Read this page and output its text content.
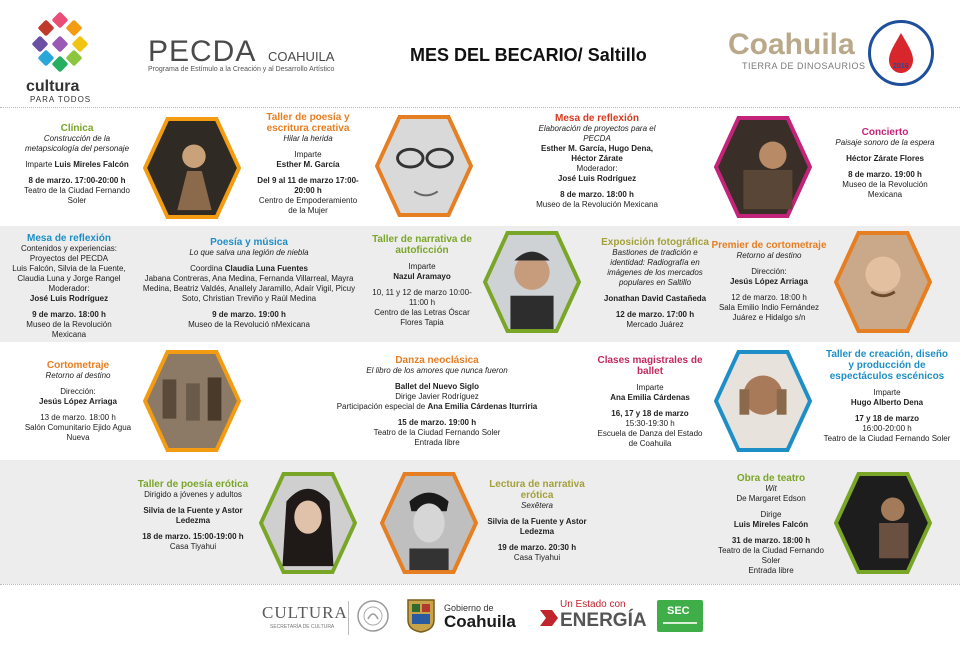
cultura
PARA TODOS
PECDA COAHUILA
Programa de Estímulo a la Creación y al Desarrollo Artístico
MES DEL BECARIO/ Saltillo	Coahuila
TIERRA DE DINOSAURIOS	2016
Clínica
Construcción de la metapsicología del personaje
Imparte Luis Mireles Falcón
8 de marzo. 17:00-20:00 h
Teatro de la Ciudad Fernando Soler
Taller de poesía y escritura creativa
Hilar la herida
Imparte
Esther M. García
Del 9 al 11 de marzo 17:00-20:00 h
Centro de Empoderamiento de la Mujer
Mesa de reflexión
Elaboración de proyectos para el PECDA
Esther M. García, Hugo Dena, Héctor Zárate
Moderador:
José Luis Rodríguez
8 de marzo. 18:00 h
Museo de la Revolución Mexicana
Concierto
Paisaje sonoro de la espera
Héctor Zárate Flores
8 de marzo. 19:00 h
Museo de la Revolución Mexicana
Mesa de reflexión
Contenidos y experiencias: Proyectos del PECDA
Luis Falcón, Silvia de la Fuente, Claudia Luna y Jorge Rangel
Moderador:
José Luis Rodríguez
9 de marzo. 18:00 h
Museo de la Revolución Mexicana
Poesía y música
Lo que salva una legión de niebla
Coordina Claudia Luna Fuentes
Jabana Contreras, Ana Medina, Fernanda Villarreal, Mayra Medina, Beatriz Valdés, Anallely Jaramillo, Adaír Vigil, Picuy Soto, Christian Treviño y Raúl Medina
9 de marzo. 19:00 h
Museo de la Revolució nMexicana
Taller de narrativa de autoficción
Imparte
Nazul Aramayo
10, 11 y 12 de marzo 10:00-11:00 h
Centro de las Letras Óscar Flores Tapia
Exposición fotográfica
Bastiones de tradición e identidad: Radiografía en imágenes de los mercados populares en Saltillo
Jonathan David Castañeda
12 de marzo. 17:00 h
Mercado Juárez
Premier de cortometraje
Retorno al destino
Dirección:
Jesús López Arriaga
12 de marzo. 18:00 h
Sala Emilio Indio Fernández Juárez e Hidalgo s/n
Cortometraje
Retorno al destino
Dirección:
Jesús López Arriaga
13 de marzo. 18:00 h
Salón Comunitario Ejido Agua Nueva
Danza neoclásica
El libro de los amores que nunca fueron
Ballet del Nuevo Siglo
Dirige Javier Rodríguez
Participación especial de Ana Emilia Cárdenas Iturriria
15 de marzo. 19:00 h
Teatro de la Ciudad Fernando Soler
Entrada libre
Clases magistrales de ballet
Imparte
Ana Emilia Cárdenas
16, 17 y 18 de marzo
15:30-19:30 h
Escuela de Danza del Estado de Coahuila
Taller de creación, diseño y producción de espectáculos escénicos
Imparte
Hugo Alberto Dena
17 y 18 de marzo
16:00-20:00 h
Teatro de la Ciudad Fernando Soler
Taller de poesía erótica
Dirigido a jóvenes y adultos
Silvia de la Fuente y Astor Ledezma
18 de marzo. 15:00-19:00 h
Casa Tiyahui
Lectura de narrativa erótica
Sexêtera
Silvia de la Fuente y Astor Ledezma
19 de marzo. 20:30 h
Casa Tiyahui
Obra de teatro
Wit
De Margaret Edson
Dirige
Luis Mireles Falcón
31 de marzo. 18:00 h
Teatro de la Ciudad Fernando Soler
Entrada libre
CULTURA
SECRETARÍA DE CULTURA
Gobierno de
Coahuila
Un Estado con
ENERGÍA SEC
